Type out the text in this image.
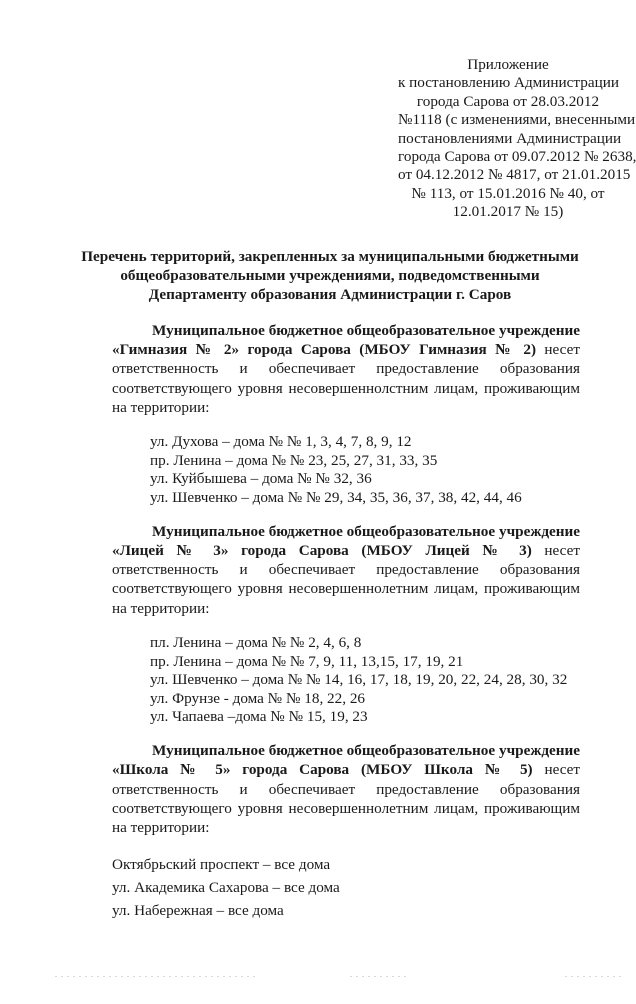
Приложение
к постановлению Администрации
города Сарова от 28.03.2012
№1118 (с изменениями, внесенными
постановлениями Администрации
города Сарова от 09.07.2012 № 2638,
от 04.12.2012 № 4817, от 21.01.2015
№ 113, от 15.01.2016 № 40, от
12.01.2017 № 15)
Перечень территорий, закрепленных за муниципальными бюджетными
общеобразовательными учреждениями, подведомственными
Департаменту образования Администрации г. Саров
Муниципальное бюджетное общеобразовательное учреждение «Гимназия № 2» города Сарова (МБОУ Гимназия № 2) несет ответственность и обеспечивает предоставление образования соответствующего уровня несовершеннолстним лицам, проживающим на территории:
ул. Духова – дома № № 1, 3, 4, 7, 8, 9, 12
пр. Ленина – дома № № 23, 25, 27, 31, 33, 35
ул. Куйбышева – дома № № 32, 36
ул. Шевченко – дома № № 29, 34, 35, 36, 37, 38, 42, 44, 46
Муниципальное бюджетное общеобразовательное учреждение «Лицей № 3» города Сарова (МБОУ Лицей № 3) несет ответственность и обеспечивает предоставление образования соответствующего уровня несовершеннолетним лицам, проживающим на территории:
пл. Ленина – дома № № 2, 4, 6, 8
пр. Ленина – дома № № 7, 9, 11, 13,15, 17, 19, 21
ул. Шевченко – дома № № 14, 16, 17, 18, 19, 20, 22, 24, 28, 30, 32
ул. Фрунзе - дома № № 18, 22, 26
ул. Чапаева –дома № № 15, 19, 23
Муниципальное бюджетное общеобразовательное учреждение «Школа № 5» города Сарова (МБОУ Школа № 5) несет ответственность и обеспечивает предоставление образования соответствующего уровня несовершеннолетним лицам, проживающим на территории:
Октябрьский проспект – все дома
ул. Академика Сахарова – все дома
ул. Набережная – все дома
